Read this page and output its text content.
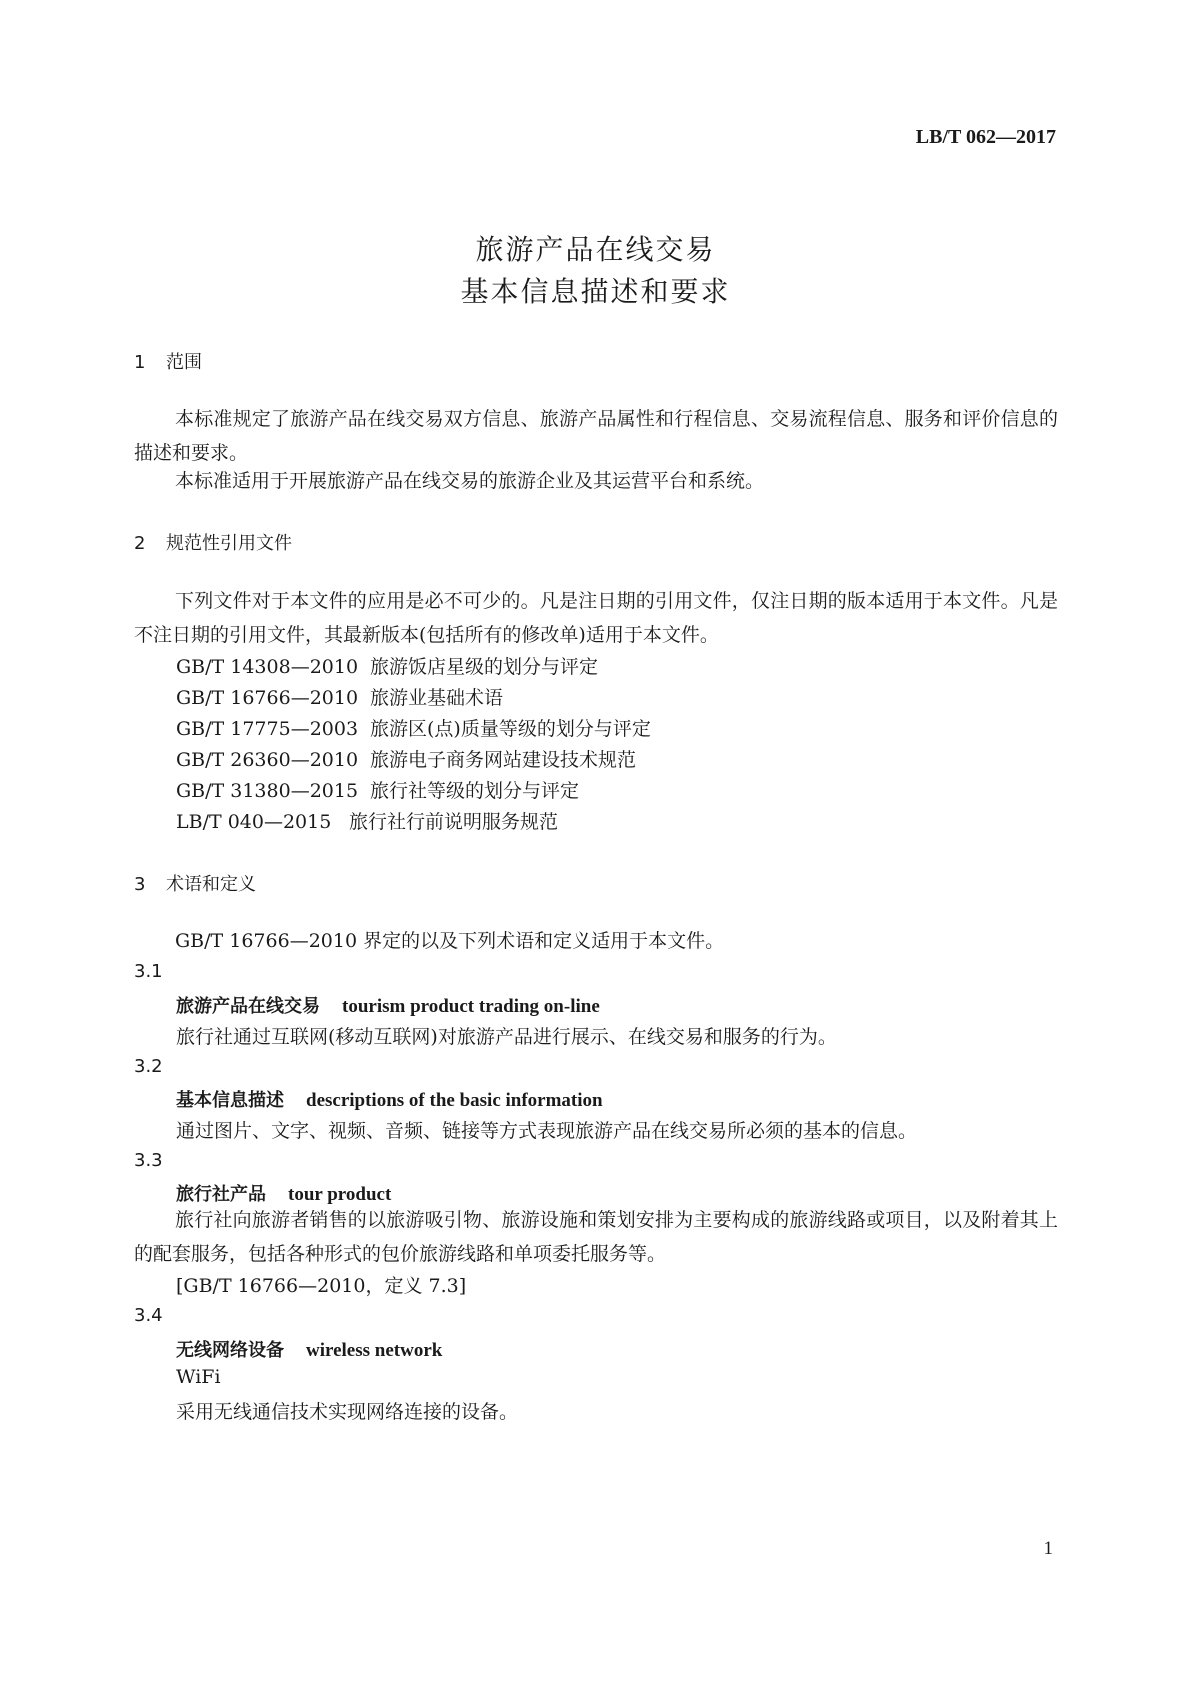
LB/T 062—2017
旅游产品在线交易
基本信息描述和要求
1 范围
本标准规定了旅游产品在线交易双方信息、旅游产品属性和行程信息、交易流程信息、服务和评价信息的描述和要求。
本标准适用于开展旅游产品在线交易的旅游企业及其运营平台和系统。
2 规范性引用文件
下列文件对于本文件的应用是必不可少的。凡是注日期的引用文件，仅注日期的版本适用于本文件。凡是不注日期的引用文件，其最新版本(包括所有的修改单)适用于本文件。
GB/T 14308—2010 旅游饭店星级的划分与评定
GB/T 16766—2010 旅游业基础术语
GB/T 17775—2003 旅游区(点)质量等级的划分与评定
GB/T 26360—2010 旅游电子商务网站建设技术规范
GB/T 31380—2015 旅行社等级的划分与评定
LB/T 040—2015 旅行社行前说明服务规范
3 术语和定义
GB/T 16766—2010 界定的以及下列术语和定义适用于本文件。
3.1
旅游产品在线交易 tourism product trading on-line
旅行社通过互联网(移动互联网)对旅游产品进行展示、在线交易和服务的行为。
3.2
基本信息描述 descriptions of the basic information
通过图片、文字、视频、音频、链接等方式表现旅游产品在线交易所必须的基本的信息。
3.3
旅行社产品 tour product
旅行社向旅游者销售的以旅游吸引物、旅游设施和策划安排为主要构成的旅游线路或项目，以及附着其上的配套服务，包括各种形式的包价旅游线路和单项委托服务等。
[GB/T 16766—2010，定义 7.3]
3.4
无线网络设备 wireless network
WiFi
采用无线通信技术实现网络连接的设备。
1
